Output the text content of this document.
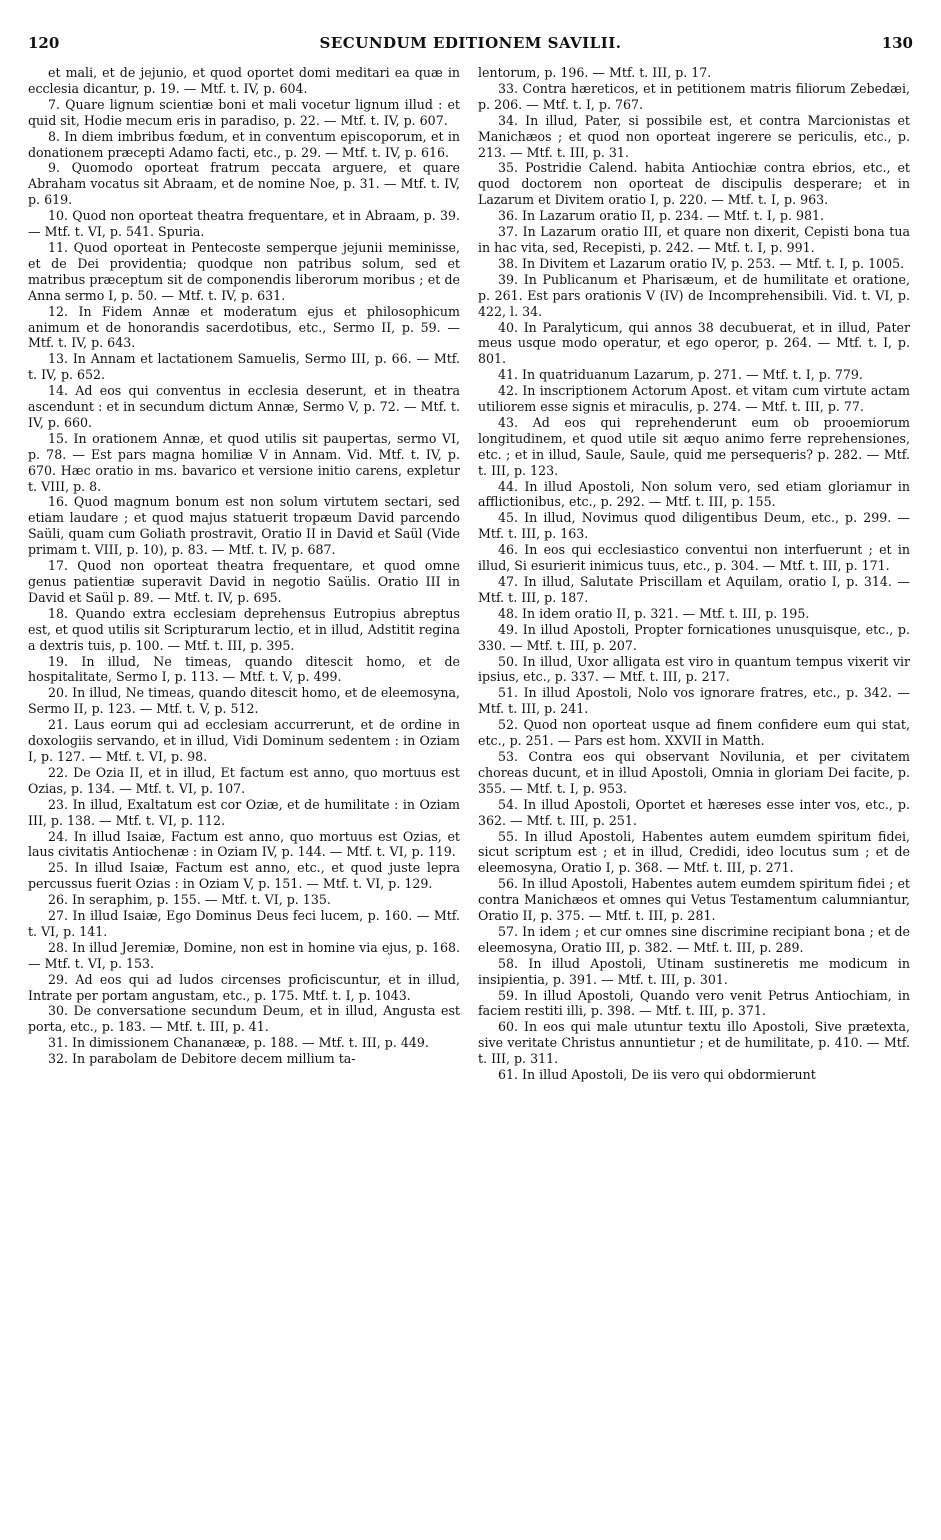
120	SECUNDUM EDITIONEM SAVILII.	130

et mali, et de jejunio, et quod oportet domi meditari ea quæ in ecclesia dicantur, p. 19. — Mtf. t. IV, p. 604.

7. Quare lignum scientiæ boni et mali vocetur lignum illud : et quid sit, Hodie mecum eris in paradiso, p. 22. — Mtf. t. IV, p. 607.

8. In diem imbribus fœdum, et in conventum episcoporum, et in donationem præcepti Adamo facti, etc., p. 29. — Mtf. t. IV, p. 616.

9. Quomodo oporteat fratrum peccata arguere, et quare Abraham vocatus sit Abraam, et de nomine Noe, p. 31. — Mtf. t. IV, p. 619.

10. Quod non oporteat theatra frequentare, et in Abraam, p. 39. — Mtf. t. VI, p. 541. Spuria.

11. Quod oporteat in Pentecoste semperque jejunii meminisse, et de Dei providentia; quodque non patribus solum, sed et matribus præceptum sit de componendis liberorum moribus ; et de Anna sermo I, p. 50. — Mtf. t. IV, p. 631.

12. In Fidem Annæ et moderatum ejus et philosophicum animum et de honorandis sacerdotibus, etc., Sermo II, p. 59. — Mtf. t. IV, p. 643.

13. In Annam et lactationem Samuelis, Sermo III, p. 66. — Mtf. t. IV, p. 652.

14. Ad eos qui conventus in ecclesia deserunt, et in theatra ascendunt : et in secundum dictum Annæ, Sermo V, p. 72. — Mtf. t. IV, p. 660.

15. In orationem Annæ, et quod utilis sit paupertas, sermo VI, p. 78. — Est pars magna homiliæ V in Annam. Vid. Mtf. t. IV, p. 670. Hæc oratio in ms. bavarico et versione initio carens, expletur t. VIII, p. 8.

16. Quod magnum bonum est non solum virtutem sectari, sed etiam laudare ; et quod majus statuerit tropæum David parcendo Saüli, quam cum Goliath prostravit, Oratio II in David et Saül (Vide primam t. VIII, p. 10), p. 83. — Mtf. t. IV, p. 687.

17. Quod non oporteat theatra frequentare, et quod omne genus patientiæ superavit David in negotio Saülis. Oratio III in David et Saül p. 89. — Mtf. t. IV, p. 695.

18. Quando extra ecclesiam deprehensus Eutropius abreptus est, et quod utilis sit Scripturarum lectio, et in illud, Adstitit regina a dextris tuis, p. 100. — Mtf. t. III, p. 395.

19. In illud, Ne timeas, quando ditescit homo, et de hospitalitate, Sermo I, p. 113. — Mtf. t. V, p. 499.

20. In illud, Ne timeas, quando ditescit homo, et de eleemosyna, Sermo II, p. 123. — Mtf. t. V, p. 512.

21. Laus eorum qui ad ecclesiam accurrerunt, et de ordine in doxologiis servando, et in illud, Vidi Dominum sedentem : in Oziam I, p. 127. — Mtf. t. VI, p. 98.

22. De Ozia II, et in illud, Et factum est anno, quo mortuus est Ozias, p. 134. — Mtf. t. VI, p. 107.

23. In illud, Exaltatum est cor Oziæ, et de humilitate : in Oziam III, p. 138. — Mtf. t. VI, p. 112.

24. In illud Isaiæ, Factum est anno, quo mortuus est Ozias, et laus civitatis Antiochenæ : in Oziam IV, p. 144. — Mtf. t. VI, p. 119.

25. In illud Isaiæ, Factum est anno, etc., et quod juste lepra percussus fuerit Ozias : in Oziam V, p. 151. — Mtf. t. VI, p. 129.

26. In seraphim, p. 155. — Mtf. t. VI, p. 135.

27. In illud Isaiæ, Ego Dominus Deus feci lucem, p. 160. — Mtf. t. VI, p. 141.

28. In illud Jeremiæ, Domine, non est in homine via ejus, p. 168. — Mtf. t. VI, p. 153.

29. Ad eos qui ad ludos circenses proficiscuntur, et in illud, Intrate per portam angustam, etc., p. 175. Mtf. t. I, p. 1043.

30. De conversatione secundum Deum, et in illud, Angusta est porta, etc., p. 183. — Mtf. t. III, p. 41.

31. In dimissionem Chananææ, p. 188. — Mtf. t. III, p. 449.

32. In parabolam de Debitore decem millium ta-

lentorum, p. 196. — Mtf. t. III, p. 17.

33. Contra hæreticos, et in petitionem matris filiorum Zebedæi, p. 206. — Mtf. t. I, p. 767.

34. In illud, Pater, si possibile est, et contra Marcionistas et Manichæos ; et quod non oporteat ingerere se periculis, etc., p. 213. — Mtf. t. III, p. 31.

35. Postridie Calend. habita Antiochiæ contra ebrios, etc., et quod doctorem non oporteat de discipulis desperare; et in Lazarum et Divitem oratio I, p. 220. — Mtf. t. I, p. 963.

36. In Lazarum oratio II, p. 234. — Mtf. t. I, p. 981.

37. In Lazarum oratio III, et quare non dixerit, Cepisti bona tua in hac vita, sed, Recepisti, p. 242. — Mtf. t. I, p. 991.

38. In Divitem et Lazarum oratio IV, p. 253. — Mtf. t. I, p. 1005.

39. In Publicanum et Pharisæum, et de humilitate et oratione, p. 261. Est pars orationis V (IV) de Incomprehensibili. Vid. t. VI, p. 422, l. 34.

40. In Paralyticum, qui annos 38 decubuerat, et in illud, Pater meus usque modo operatur, et ego operor, p. 264. — Mtf. t. I, p. 801.

41. In quatriduanum Lazarum, p. 271. — Mtf. t. I, p. 779.

42. In inscriptionem Actorum Apost. et vitam cum virtute actam utiliorem esse signis et miraculis, p. 274. — Mtf. t. III, p. 77.

43. Ad eos qui reprehenderunt eum ob prooemiorum longitudinem, et quod utile sit æquo animo ferre reprehensiones, etc. ; et in illud, Saule, Saule, quid me persequeris? p. 282. — Mtf. t. III, p. 123.

44. In illud Apostoli, Non solum vero, sed etiam gloriamur in afflictionibus, etc., p. 292. — Mtf. t. III, p. 155.

45. In illud, Novimus quod diligentibus Deum, etc., p. 299. — Mtf. t. III, p. 163.

46. In eos qui ecclesiastico conventui non interfuerunt ; et in illud, Si esurierit inimicus tuus, etc., p. 304. — Mtf. t. III, p. 171.

47. In illud, Salutate Priscillam et Aquilam, oratio I, p. 314. — Mtf. t. III, p. 187.

48. In idem oratio II, p. 321. — Mtf. t. III, p. 195.

49. In illud Apostoli, Propter fornicationes unusquisque, etc., p. 330. — Mtf. t. III, p. 207.

50. In illud, Uxor alligata est viro in quantum tempus vixerit vir ipsius, etc., p. 337. — Mtf. t. III, p. 217.

51. In illud Apostoli, Nolo vos ignorare fratres, etc., p. 342. — Mtf. t. III, p. 241.

52. Quod non oporteat usque ad finem confidere eum qui stat, etc., p. 251. — Pars est hom. XXVII in Matth.

53. Contra eos qui observant Novilunia, et per civitatem choreas ducunt, et in illud Apostoli, Omnia in gloriam Dei facite, p. 355. — Mtf. t. I, p. 953.

54. In illud Apostoli, Oportet et hæreses esse inter vos, etc., p. 362. — Mtf. t. III, p. 251.

55. In illud Apostoli, Habentes autem eumdem spiritum fidei, sicut scriptum est ; et in illud, Credidi, ideo locutus sum ; et de eleemosyna, Oratio I, p. 368. — Mtf. t. III, p. 271.

56. In illud Apostoli, Habentes autem eumdem spiritum fidei ; et contra Manichæos et omnes qui Vetus Testamentum calumniantur, Oratio II, p. 375. — Mtf. t. III, p. 281.

57. In idem ; et cur omnes sine discrimine recipiant bona ; et de eleemosyna, Oratio III, p. 382. — Mtf. t. III, p. 289.

58. In illud Apostoli, Utinam sustineretis me modicum in insipientia, p. 391. — Mtf. t. III, p. 301.

59. In illud Apostoli, Quando vero venit Petrus Antiochiam, in faciem restiti illi, p. 398. — Mtf. t. III, p. 371.

60. In eos qui male utuntur textu illo Apostoli, Sive prætexta, sive veritate Christus annuntietur ; et de humilitate, p. 410. — Mtf. t. III, p. 311.

61. In illud Apostoli, De iis vero qui obdormierunt
